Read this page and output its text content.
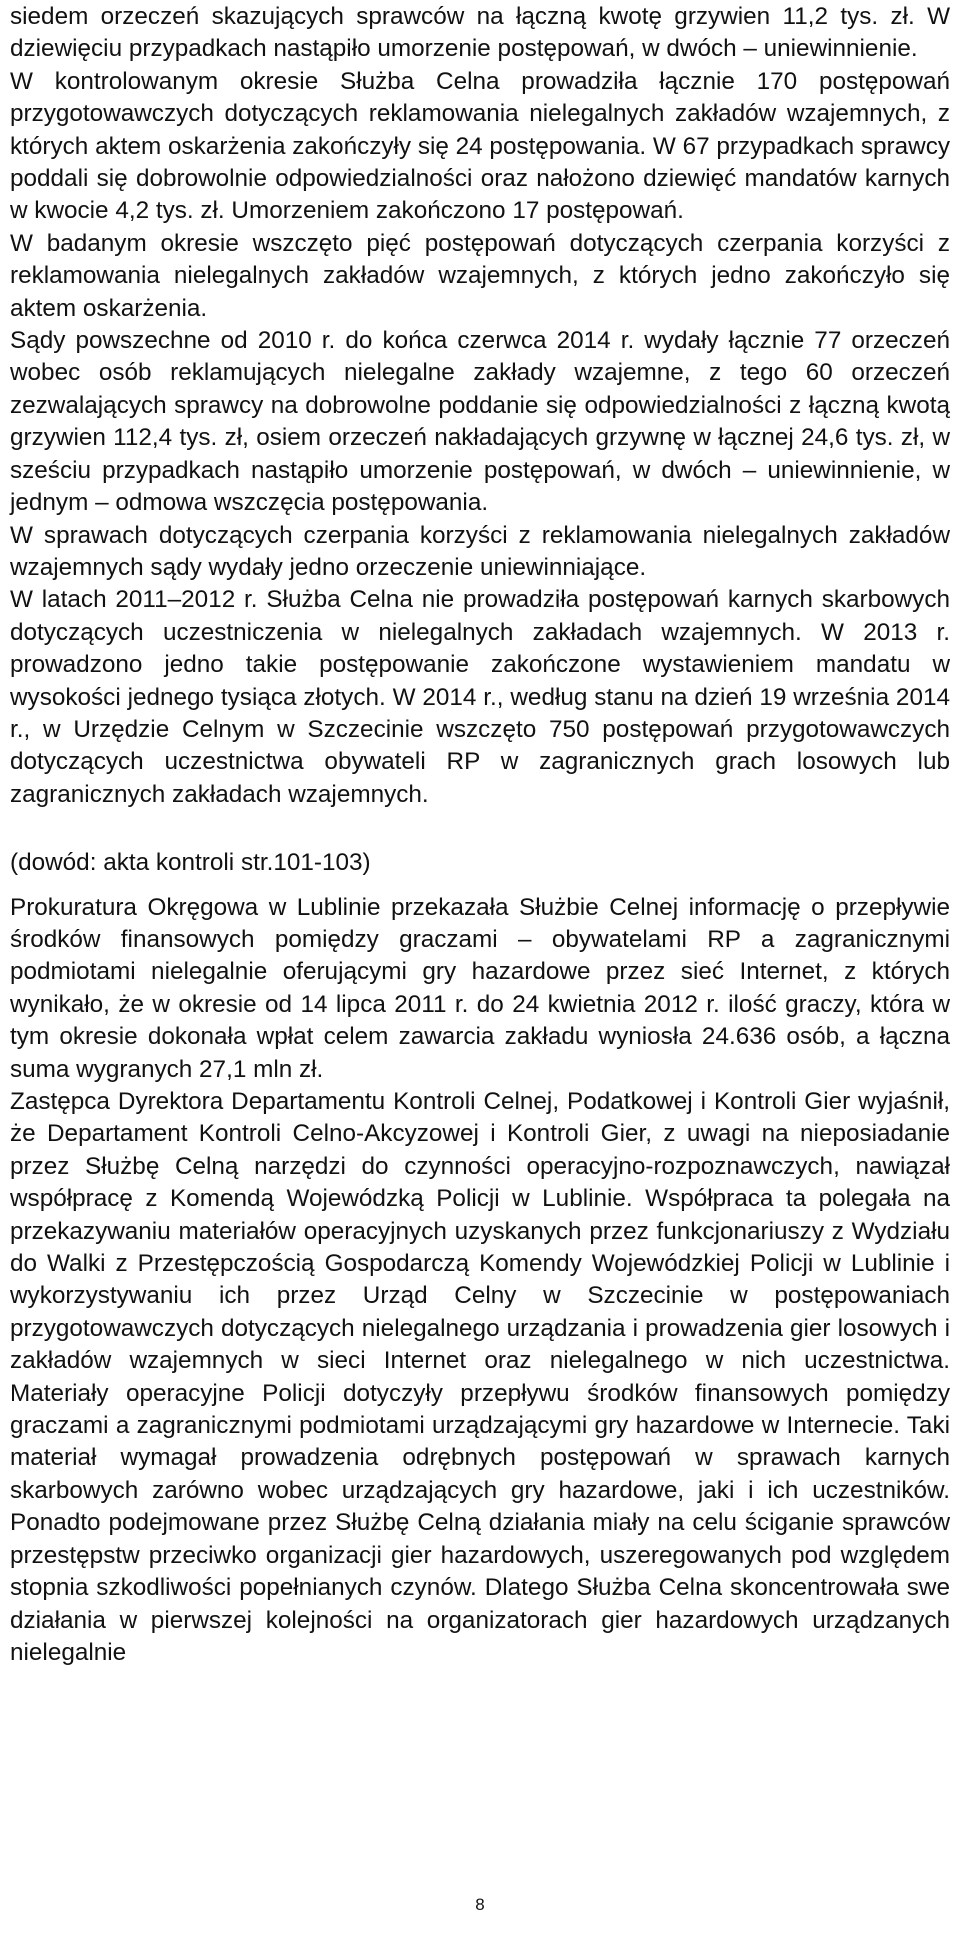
siedem orzeczeń skazujących sprawców na łączną kwotę grzywien 11,2 tys. zł. W dziewięciu przypadkach nastąpiło umorzenie postępowań, w dwóch – uniewinnienie.

W kontrolowanym okresie Służba Celna prowadziła łącznie 170 postępowań przygotowawczych dotyczących reklamowania nielegalnych zakładów wzajemnych, z których aktem oskarżenia zakończyły się 24 postępowania. W 67 przypadkach sprawcy poddali się dobrowolnie odpowiedzialności oraz nałożono dziewięć mandatów karnych w kwocie 4,2 tys. zł. Umorzeniem zakończono 17 postępowań.

W badanym okresie wszczęto pięć postępowań dotyczących czerpania korzyści z reklamowania nielegalnych zakładów wzajemnych, z których jedno zakończyło się aktem oskarżenia.

Sądy powszechne od 2010 r. do końca czerwca 2014 r. wydały łącznie 77 orzeczeń wobec osób reklamujących nielegalne zakłady wzajemne, z tego 60 orzeczeń zezwalających sprawcy na dobrowolne poddanie się odpowiedzialności z łączną kwotą grzywien 112,4 tys. zł, osiem orzeczeń nakładających grzywnę w łącznej 24,6 tys. zł, w sześciu przypadkach nastąpiło umorzenie postępowań, w dwóch – uniewinnienie, w jednym – odmowa wszczęcia postępowania.

W sprawach dotyczących czerpania korzyści z reklamowania nielegalnych zakładów wzajemnych sądy wydały jedno orzeczenie uniewinniające.

W latach 2011–2012 r. Służba Celna nie prowadziła postępowań karnych skarbowych dotyczących uczestniczenia w nielegalnych zakładach wzajemnych. W 2013 r. prowadzono jedno takie postępowanie zakończone wystawieniem mandatu w wysokości jednego tysiąca złotych. W 2014 r., według stanu na dzień 19 września 2014 r., w Urzędzie Celnym w Szczecinie wszczęto 750 postępowań przygotowawczych dotyczących uczestnictwa obywateli RP w zagranicznych grach losowych lub zagranicznych zakładach wzajemnych.

(dowód: akta kontroli str.101-103)

Prokuratura Okręgowa w Lublinie przekazała Służbie Celnej informację o przepływie środków finansowych pomiędzy graczami – obywatelami RP a zagranicznymi podmiotami nielegalnie oferującymi gry hazardowe przez sieć Internet, z których wynikało, że w okresie od 14 lipca 2011 r. do 24 kwietnia 2012 r. ilość graczy, która w tym okresie dokonała wpłat celem zawarcia zakładu wyniosła 24.636 osób, a łączna suma wygranych 27,1 mln zł.

Zastępca Dyrektora Departamentu Kontroli Celnej, Podatkowej i Kontroli Gier wyjaśnił, że Departament Kontroli Celno-Akcyzowej i Kontroli Gier, z uwagi na nieposiadanie przez Służbę Celną narzędzi do czynności operacyjno-rozpoznawczych, nawiązał współpracę z Komendą Wojewódzką Policji w Lublinie. Współpraca ta polegała na przekazywaniu materiałów operacyjnych uzyskanych przez funkcjonariuszy z Wydziału do Walki z Przestępczością Gospodarczą Komendy Wojewódzkiej Policji w Lublinie i wykorzystywaniu ich przez Urząd Celny w Szczecinie w postępowaniach przygotowawczych dotyczących nielegalnego urządzania i prowadzenia gier losowych i zakładów wzajemnych w sieci Internet oraz nielegalnego w nich uczestnictwa. Materiały operacyjne Policji dotyczyły przepływu środków finansowych pomiędzy graczami a zagranicznymi podmiotami urządzającymi gry hazardowe w Internecie. Taki materiał wymagał prowadzenia odrębnych postępowań w sprawach karnych skarbowych zarówno wobec urządzających gry hazardowe, jaki i ich uczestników. Ponadto podejmowane przez Służbę Celną działania miały na celu ściganie sprawców przestępstw przeciwko organizacji gier hazardowych, uszeregowanych pod względem stopnia szkodliwości popełnianych czynów. Dlatego Służba Celna skoncentrowała swe działania w pierwszej kolejności na organizatorach gier hazardowych urządzanych nielegalnie

8
